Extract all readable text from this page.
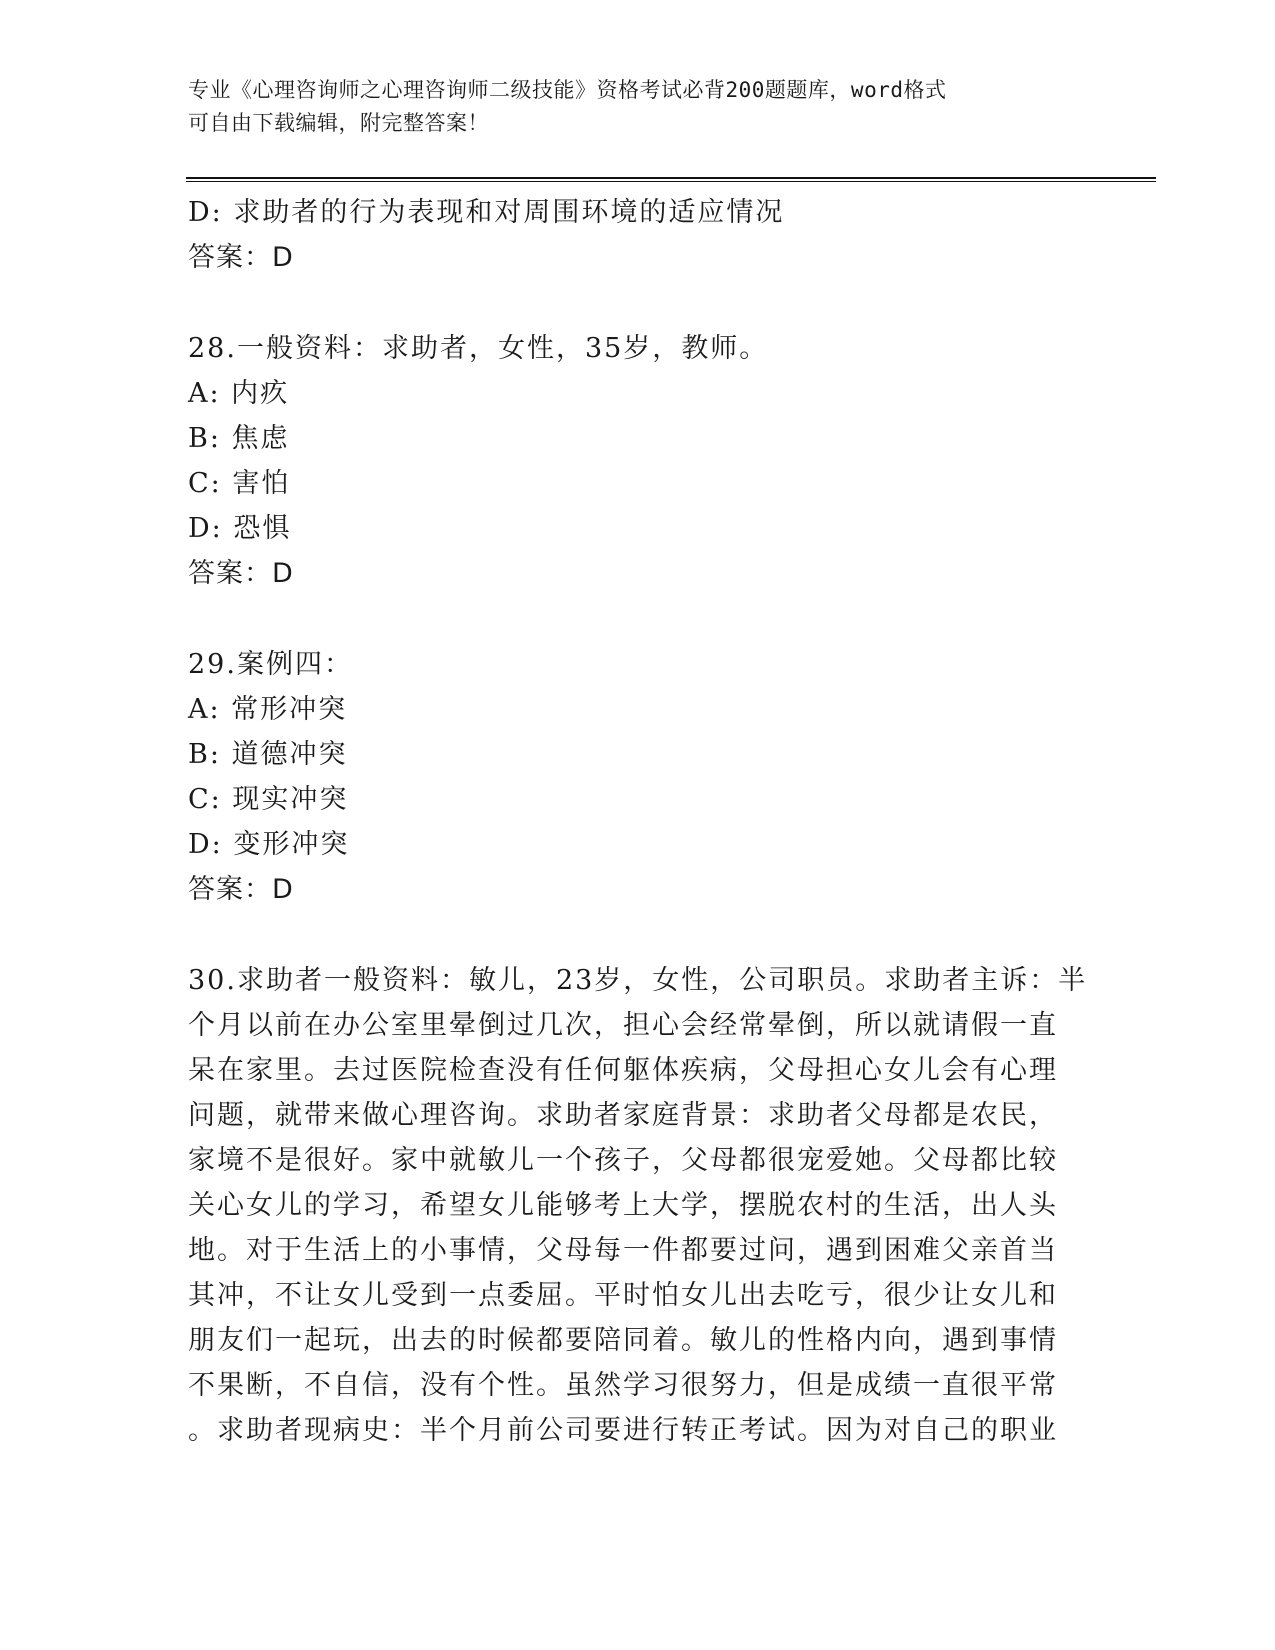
专业《心理咨询师之心理咨询师二级技能》资格考试必背200题题库，word格式

可自由下载编辑，附完整答案！

D: 求助者的行为表现和对周围环境的适应情况

答案：D

28.一般资料：求助者，女性，35岁，教师。

A: 内疚

B: 焦虑

C: 害怕

D: 恐惧

答案：D

29.案例四：

A: 常形冲突

B: 道德冲突

C: 现实冲突

D: 变形冲突

答案：D

30.求助者一般资料：敏儿，23岁，女性，公司职员。求助者主诉：半

个月以前在办公室里晕倒过几次，担心会经常晕倒，所以就请假一直

呆在家里。去过医院检查没有任何躯体疾病，父母担心女儿会有心理

问题，就带来做心理咨询。求助者家庭背景：求助者父母都是农民，

家境不是很好。家中就敏儿一个孩子，父母都很宠爱她。父母都比较

关心女儿的学习，希望女儿能够考上大学，摆脱农村的生活，出人头

地。对于生活上的小事情，父母每一件都要过问，遇到困难父亲首当

其冲，不让女儿受到一点委屈。平时怕女儿出去吃亏，很少让女儿和

朋友们一起玩，出去的时候都要陪同着。敏儿的性格内向，遇到事情

不果断，不自信，没有个性。虽然学习很努力，但是成绩一直很平常

。求助者现病史：半个月前公司要进行转正考试。因为对自己的职业
